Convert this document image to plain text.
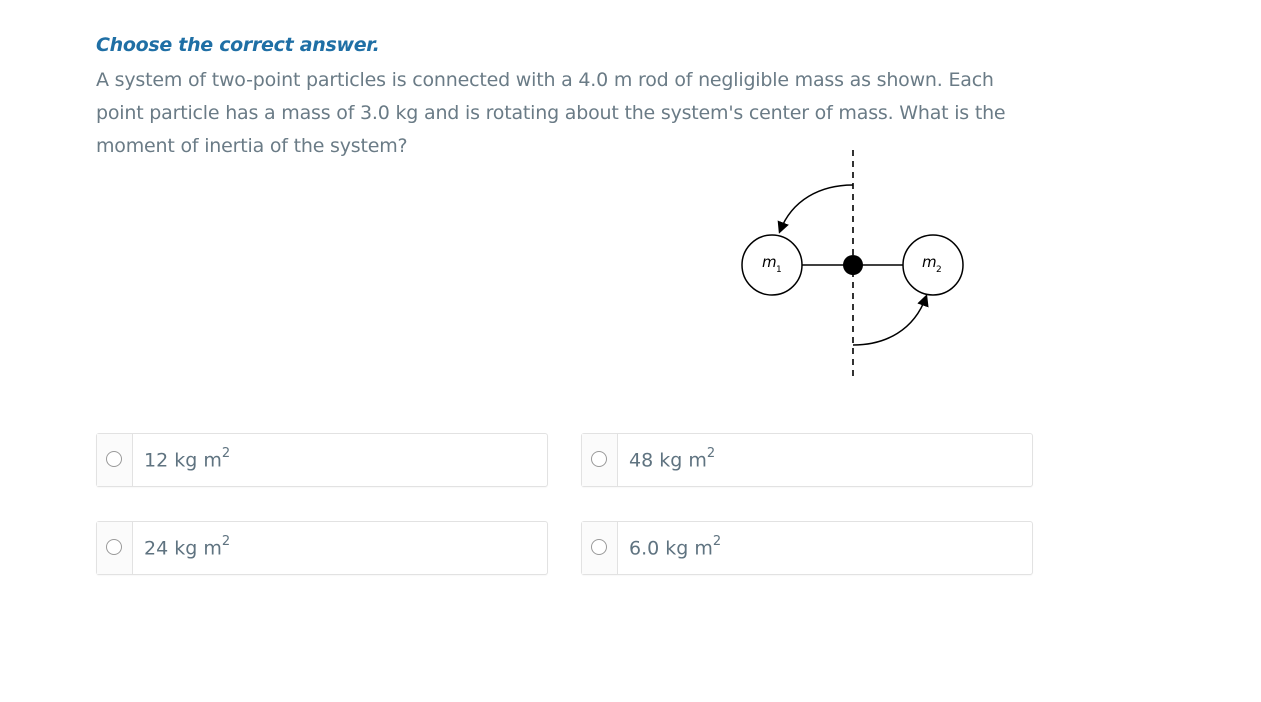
Choose the correct answer.
A system of two-point particles is connected with a 4.0 m rod of negligible mass as shown. Each point particle has a mass of 3.0 kg and is rotating about the system's center of mass. What is the moment of inertia of the system?
m 1	m 2
12 kg $m^2$	48 kg $m^2$
24 kg $m^2$	6.0 kg $m^2$
